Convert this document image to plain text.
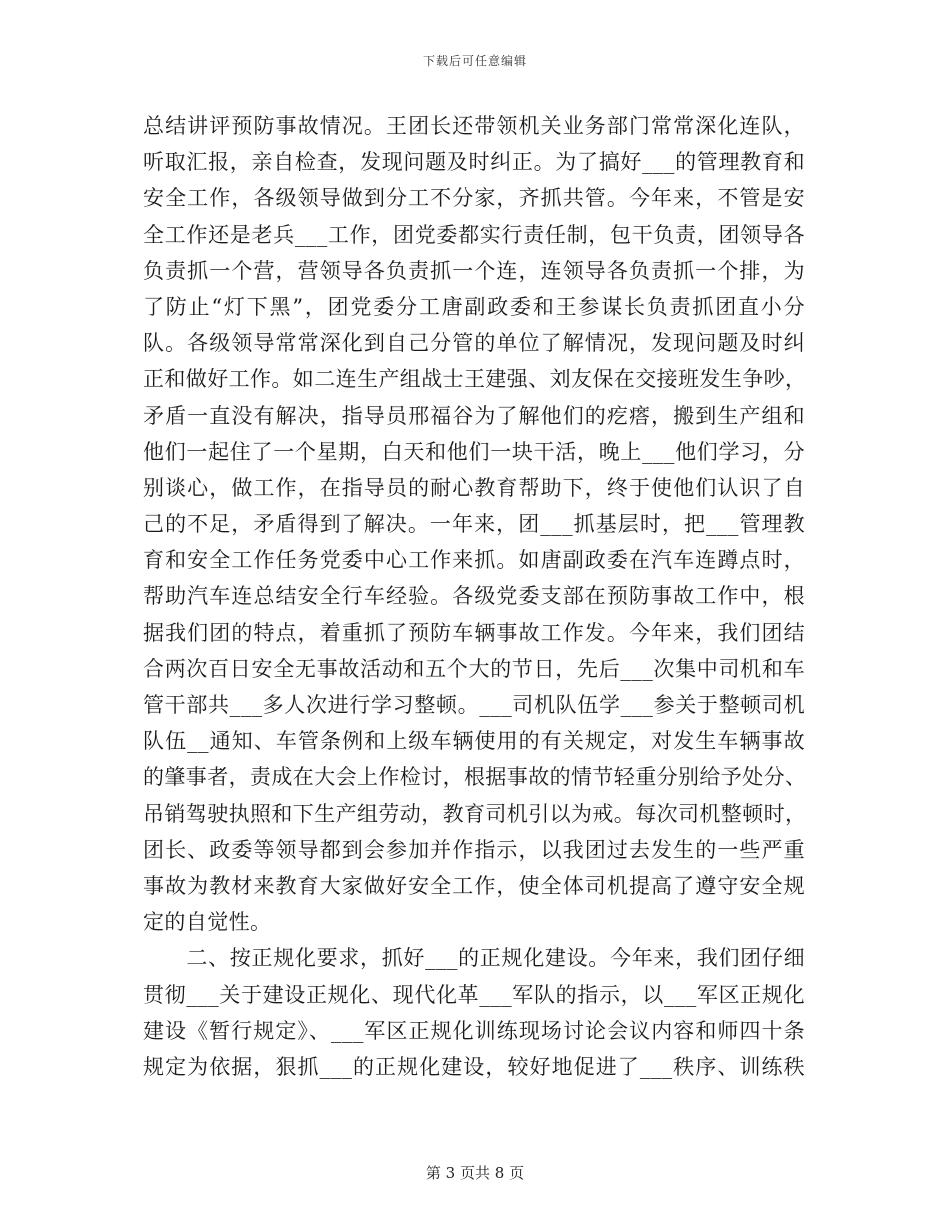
下载后可任意编辑
总结讲评预防事故情况。王团长还带领机关业务部门常常深化连队，
听取汇报，亲自检查，发现问题及时纠正。为了搞好___的管理教育和
安全工作，各级领导做到分工不分家，齐抓共管。今年来，不管是安
全工作还是老兵___工作，团党委都实行责任制，包干负责，团领导各
负责抓一个营，营领导各负责抓一个连，连领导各负责抓一个排，为
了防止“灯下黑”，团党委分工唐副政委和王参谋长负责抓团直小分
队。各级领导常常深化到自己分管的单位了解情况，发现问题及时纠
正和做好工作。如二连生产组战士王建强、刘友保在交接班发生争吵，
矛盾一直没有解决，指导员邢福谷为了解他们的疙瘩，搬到生产组和
他们一起住了一个星期，白天和他们一块干活，晚上___他们学习，分
别谈心，做工作，在指导员的耐心教育帮助下，终于使他们认识了自
己的不足，矛盾得到了解决。一年来，团___抓基层时，把___管理教
育和安全工作任务党委中心工作来抓。如唐副政委在汽车连蹲点时，
帮助汽车连总结安全行车经验。各级党委支部在预防事故工作中，根
据我们团的特点，着重抓了预防车辆事故工作发。今年来，我们团结
合两次百日安全无事故活动和五个大的节日，先后___次集中司机和车
管干部共___多人次进行学习整顿。___司机队伍学___参关于整顿司机
队伍__通知、车管条例和上级车辆使用的有关规定，对发生车辆事故
的肇事者，责成在大会上作检讨，根据事故的情节轻重分别给予处分、
吊销驾驶执照和下生产组劳动，教育司机引以为戒。每次司机整顿时，
团长、政委等领导都到会参加并作指示，以我团过去发生的一些严重
事故为教材来教育大家做好安全工作，使全体司机提高了遵守安全规
定的自觉性。
　　二、按正规化要求，抓好___的正规化建设。今年来，我们团仔细
贯彻___关于建设正规化、现代化革___军队的指示，以___军区正规化
建设《暂行规定》、___军区正规化训练现场讨论会议内容和师四十条
规定为依据，狠抓___的正规化建设，较好地促进了___秩序、训练秩
第 3 页共 8 页
